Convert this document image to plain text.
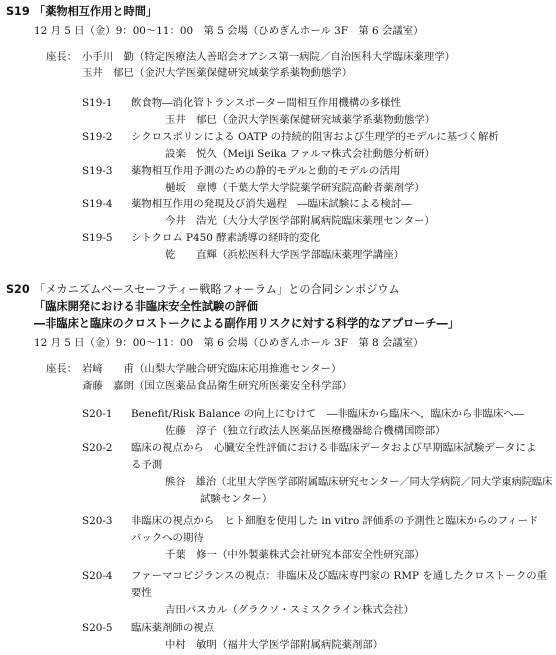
S19 「薬物相互作用と時間」
12 月 5 日（金）9：00～11：00　第 5 会場（ひめぎんホール 3F　第 6 会議室）
座長： 小手川　勤（特定医療法人善昭会オアシス第一病院／自治医科大学臨床薬理学）
玉井　郁巳（金沢大学医薬保健研究域薬学系薬物動態学）
S19-1 飲食物―消化管トランスポーター間相互作用機構の多様性
玉井　郁巳（金沢大学医薬保健研究域薬学系薬物動態学）
S19-2 シクロスポリンによる OATP の持続的阻害および生理学的モデルに基づく解析
設楽　悦久（Meiji Seika ファルマ株式会社動態分析研）
S19-3 薬物相互作用予測のための静的モデルと動的モデルの活用
樋坂　章博（千葉大学大学院薬学研究院高齢者薬剤学）
S19-4 薬物相互作用の発現及び消失過程　―臨床試験による検討―
今井　浩光（大分大学医学部附属病院臨床薬理センター）
S19-5 シトクロム P450 酵素誘導の経時的変化
乾　　直輝（浜松医科大学医学部臨床薬理学講座）
S20 「メカニズムベースセーフティー戦略フォーラム」との合同シンポジウム
「臨床開発における非臨床安全性試験の評価
―非臨床と臨床のクロストークによる副作用リスクに対する科学的なアプローチ―」
12 月 5 日（金）9：00～11：00　第 6 会場（ひめぎんホール 3F　第 8 会議室）
座長： 岩﨑　　甫（山梨大学融合研究臨床応用推進センター）
斎藤　嘉朗（国立医薬品食品衛生研究所医薬安全科学部）
S20-1 Benefit/Risk Balance の向上にむけて　―非臨床から臨床へ，臨床から非臨床へ―
佐藤　淳子（独立行政法人医薬品医療機器総合機構国際部）
S20-2 臨床の視点から　心臓安全性評価における非臨床データおよび早期臨床試験データによ
る予測
熊谷　雄治（北里大学医学部附属臨床研究センター／同大学病院／同大学東病院臨床
試験センター）
S20-3 非臨床の視点から　ヒト細胞を使用した in vitro 評価系の予測性と臨床からのフィード
バックへの期待
千葉　修一（中外製薬株式会社研究本部安全性研究部）
S20-4 ファーマコビジランスの視点：非臨床及び臨床専門家の RMP を通したクロストークの重
要性
吉田パスカル（グラクソ・スミスクライン株式会社）
S20-5 臨床薬剤師の視点
中村　敏明（福井大学医学部附属病院薬剤部）
